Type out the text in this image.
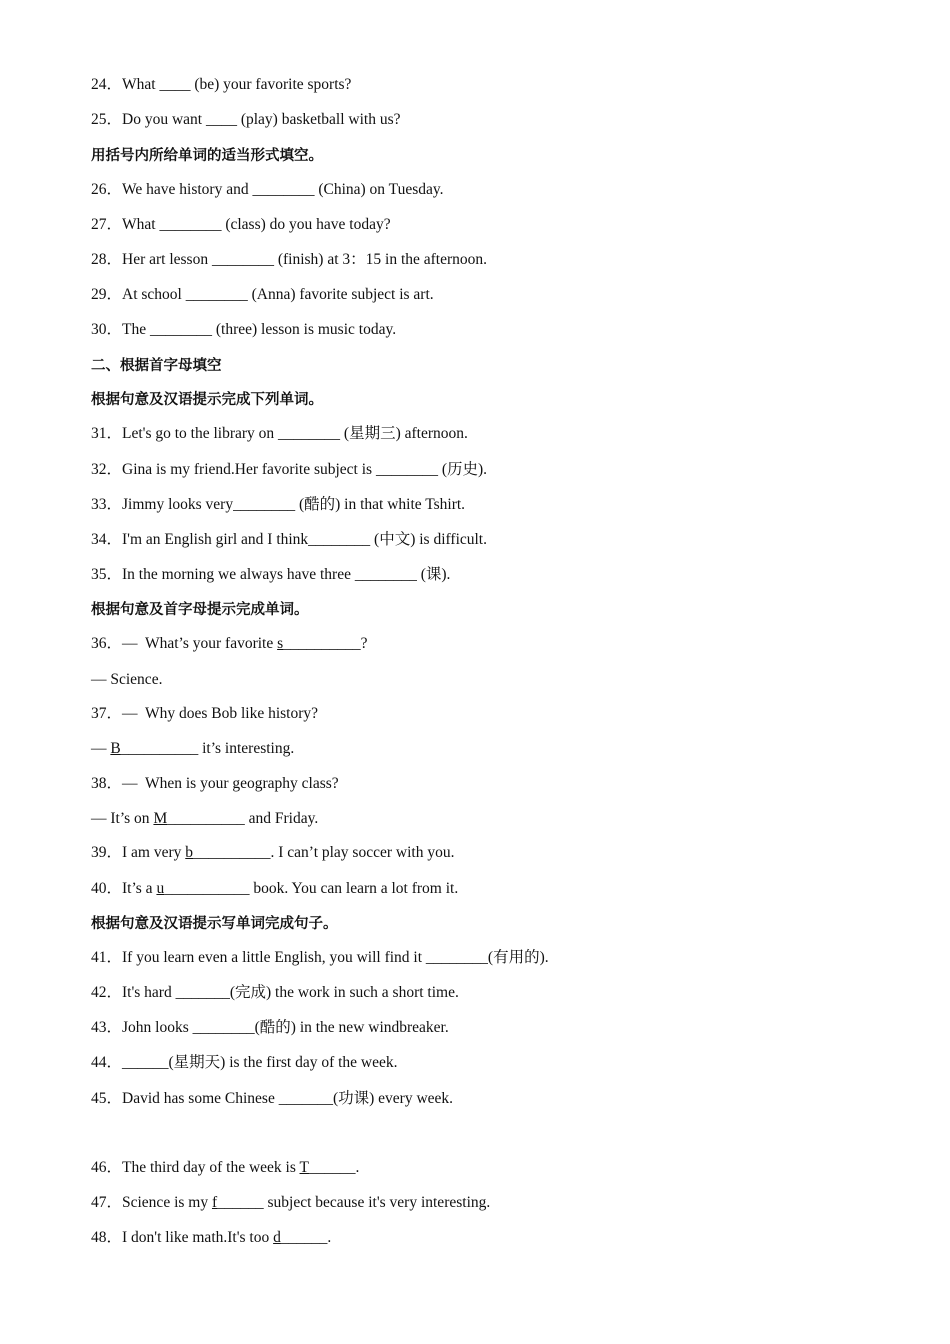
24．What ____ (be) your favorite sports?
25．Do you want ____ (play) basketball with us?
用括号内所给单词的适当形式填空。
26．We have history and ________ (China) on Tuesday.
27．What ________ (class) do you have today?
28．Her art lesson ________ (finish) at 3：15 in the afternoon.
29．At school ________ (Anna) favorite subject is art.
30．The ________ (three) lesson is music today.
二、根据首字母填空
根据句意及汉语提示完成下列单词。
31．Let's go to the library on ________ (星期三) afternoon.
32．Gina is my friend.Her favorite subject is ________ (历史).
33．Jimmy looks very________ (酷的) in that white Tshirt.
34．I'm an English girl and I think________ (中文) is difficult.
35．In the morning we always have three ________ (课).
根据句意及首字母提示完成单词。
36．—  What’s your favorite s__________?
— Science.
37．—  Why does Bob like history?
— B__________ it’s interesting.
38．—  When is your geography class?
— It’s on M__________ and Friday.
39．I am very b__________. I can’t play soccer with you.
40．It’s a u___________ book. You can learn a lot from it.
根据句意及汉语提示写单词完成句子。
41．If you learn even a little English, you will find it ________(有用的).
42．It's hard _______(完成) the work in such a short time.
43．John looks ________(酷的) in the new windbreaker.
44．______(星期天) is the first day of the week.
45．David has some Chinese _______(功课) every week.
46．The third day of the week is T______.
47．Science is my f______ subject because it's very interesting.
48．I don't like math.It's too d______.
